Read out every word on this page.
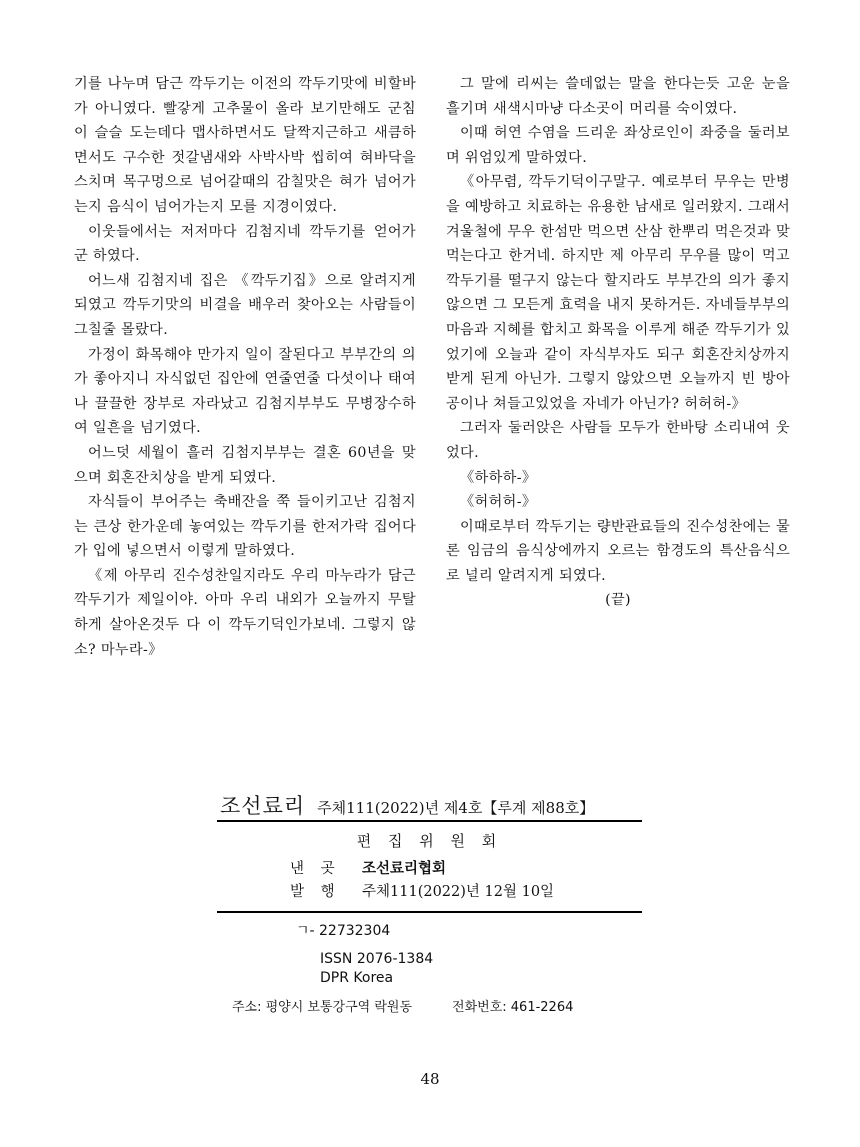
기를 나누며 담근 깍두기는 이전의 깍두기맛에 비할바가 아니였다. 빨갛게 고추물이 올라 보기만해도 군침이 슬슬 도는데다 맵사하면서도 달짝지근하고 새큼하면서도 구수한 젓갈냄새와 사박사박 씹히여 혀바닥을 스치며 목구멍으로 넘어갈때의 감칠맛은 혀가 넘어가는지 음식이 넘어가는지 모를 지경이였다.

이웃들에서는 저저마다 김첨지네 깍두기를 얻어가군 하였다.

어느새 김첨지네 집은 《깍두기집》으로 알려지게 되였고 깍두기맛의 비결을 배우러 찾아오는 사람들이 그칠줄 몰랐다.

가정이 화목해야 만가지 일이 잘된다고 부부간의 의가 좋아지니 자식없던 집안에 연줄연줄 다섯이나 태여나 끌끌한 장부로 자라났고 김첨지부부도 무병장수하여 일흔을 넘기였다.

어느덧 세월이 흘러 김첨지부부는 결혼 60년을 맞으며 회혼잔치상을 받게 되였다.

자식들이 부어주는 축배잔을 쭉 들이키고난 김첨지는 큰상 한가운데 놓여있는 깍두기를 한저가락 집어다가 입에 넣으면서 이렇게 말하였다.

《제 아무리 진수성찬일지라도 우리 마누라가 담근 깍두기가 제일이야. 아마 우리 내외가 오늘까지 무탈하게 살아온것두 다 이 깍두기덕인가보네. 그렇지 않소? 마누라-》

그 말에 리씨는 쓸데없는 말을 한다는듯 고운 눈을 흘기며 새색시마냥 다소곳이 머리를 숙이였다.

이때 허연 수염을 드리운 좌상로인이 좌중을 둘러보며 위엄있게 말하였다.

《아무렴, 깍두기덕이구말구. 예로부터 무우는 만병을 예방하고 치료하는 유용한 남새로 일러왔지. 그래서 겨울철에 무우 한섬만 먹으면 산삼 한뿌리 먹은것과 맞먹는다고 한거네. 하지만 제 아무리 무우를 많이 먹고 깍두기를 떨구지 않는다 할지라도 부부간의 의가 좋지 않으면 그 모든게 효력을 내지 못하거든. 자네들부부의 마음과 지혜를 합치고 화목을 이루게 해준 깍두기가 있었기에 오늘과 같이 자식부자도 되구 회혼잔치상까지 받게 된게 아닌가. 그렇지 않았으면 오늘까지 빈 방아공이나 쳐들고있었을 자네가 아닌가? 허허허-》

그러자 둘러앉은 사람들 모두가 한바탕 소리내여 웃었다.

《하하하-》

《허허허-》

이때로부터 깍두기는 량반관료들의 진수성찬에는 물론 임금의 음식상에까지 오르는 함경도의 특산음식으로 널리 알려지게 되였다.

(끝)

조선료리 주체111(2022)년 제4호【루계 제88호】
편 집 위 원 회
낸 곳	조선료리협회
발 행	주체111(2022)년 12월 10일
ㄱ- 22732304
ISSN 2076-1384
DPR Korea
주소: 평양시 보통강구역 락원동	전화번호: 461-2264
48
